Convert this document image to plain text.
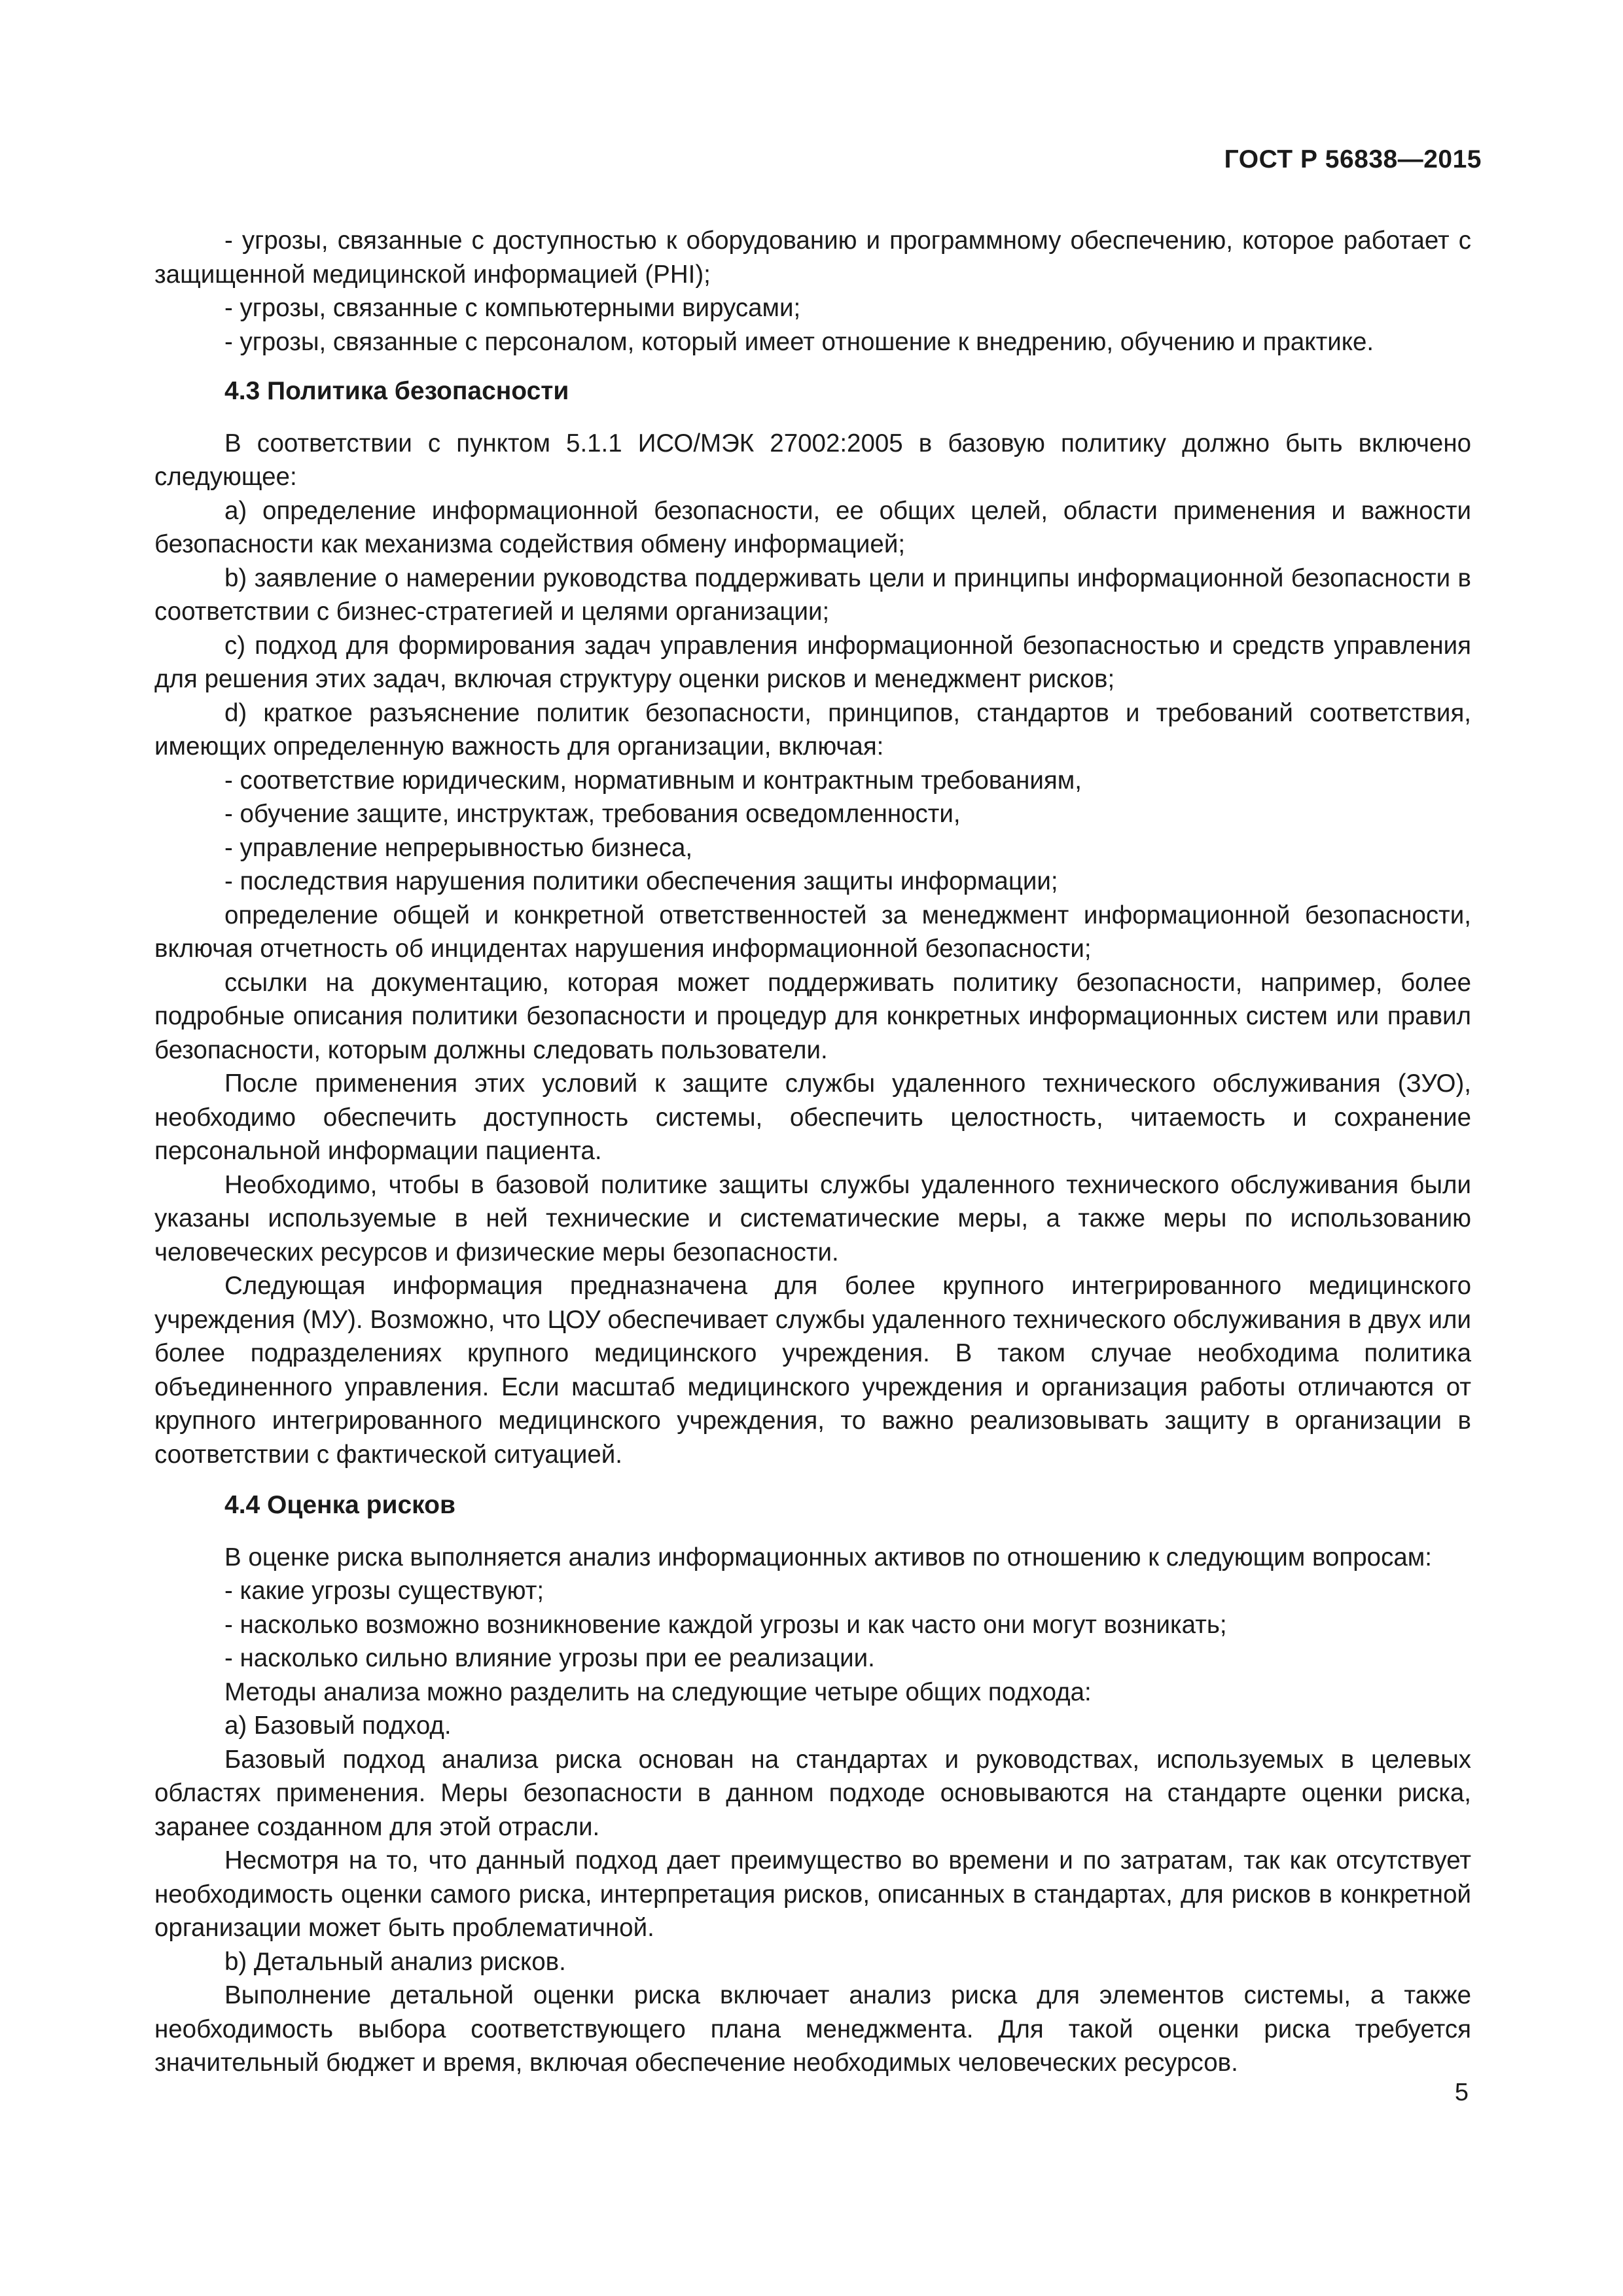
ГОСТ Р 56838—2015

- угрозы, связанные с доступностью к оборудованию и программному обеспечению, которое работает с защищенной медицинской информацией (PHI);

- угрозы, связанные с компьютерными вирусами;

- угрозы, связанные с персоналом, который имеет отношение к внедрению, обучению и практике.

4.3 Политика безопасности

В соответствии с пунктом 5.1.1 ИСО/МЭК 27002:2005 в базовую политику должно быть включено следующее:

а) определение информационной безопасности, ее общих целей, области применения и важности безопасности как механизма содействия обмену информацией;

b) заявление о намерении руководства поддерживать цели и принципы информационной безопасности в соответствии с бизнес-стратегией и целями организации;

c) подход для формирования задач управления информационной безопасностью и средств управления для решения этих задач, включая структуру оценки рисков и менеджмент рисков;

d) краткое разъяснение политик безопасности, принципов, стандартов и требований соответствия, имеющих определенную важность для организации, включая:

- соответствие юридическим, нормативным и контрактным требованиям,

- обучение защите, инструктаж, требования осведомленности,

- управление непрерывностью бизнеса,

- последствия нарушения политики обеспечения защиты информации;

определение общей и конкретной ответственностей за менеджмент информационной безопасности, включая отчетность об инцидентах нарушения информационной безопасности;

ссылки на документацию, которая может поддерживать политику безопасности, например, более подробные описания политики безопасности и процедур для конкретных информационных систем или правил безопасности, которым должны следовать пользователи.

После применения этих условий к защите службы удаленного технического обслуживания (ЗУО), необходимо обеспечить доступность системы, обеспечить целостность, читаемость и сохранение персональной информации пациента.

Необходимо, чтобы в базовой политике защиты службы удаленного технического обслуживания были указаны используемые в ней технические и систематические меры, а также меры по использованию человеческих ресурсов и физические меры безопасности.

Следующая информация предназначена для более крупного интегрированного медицинского учреждения (МУ). Возможно, что ЦОУ обеспечивает службы удаленного технического обслуживания в двух или более подразделениях крупного медицинского учреждения. В таком случае необходима политика объединенного управления. Если масштаб медицинского учреждения и организация работы отличаются от крупного интегрированного медицинского учреждения, то важно реализовывать защиту в организации в соответствии с фактической ситуацией.

4.4 Оценка рисков

В оценке риска выполняется анализ информационных активов по отношению к следующим вопросам:

- какие угрозы существуют;

- насколько возможно возникновение каждой угрозы и как часто они могут возникать;

- насколько сильно влияние угрозы при ее реализации.

Методы анализа можно разделить на следующие четыре общих подхода:

а) Базовый подход.

Базовый подход анализа риска основан на стандартах и руководствах, используемых в целевых областях применения. Меры безопасности в данном подходе основываются на стандарте оценки риска, заранее созданном для этой отрасли.

Несмотря на то, что данный подход дает преимущество во времени и по затратам, так как отсутствует необходимость оценки самого риска, интерпретация рисков, описанных в стандартах, для рисков в конкретной организации может быть проблематичной.

b) Детальный анализ рисков.

Выполнение детальной оценки риска включает анализ риска для элементов системы, а также необходимость выбора соответствующего плана менеджмента. Для такой оценки риска требуется значительный бюджет и время, включая обеспечение необходимых человеческих ресурсов.

5
